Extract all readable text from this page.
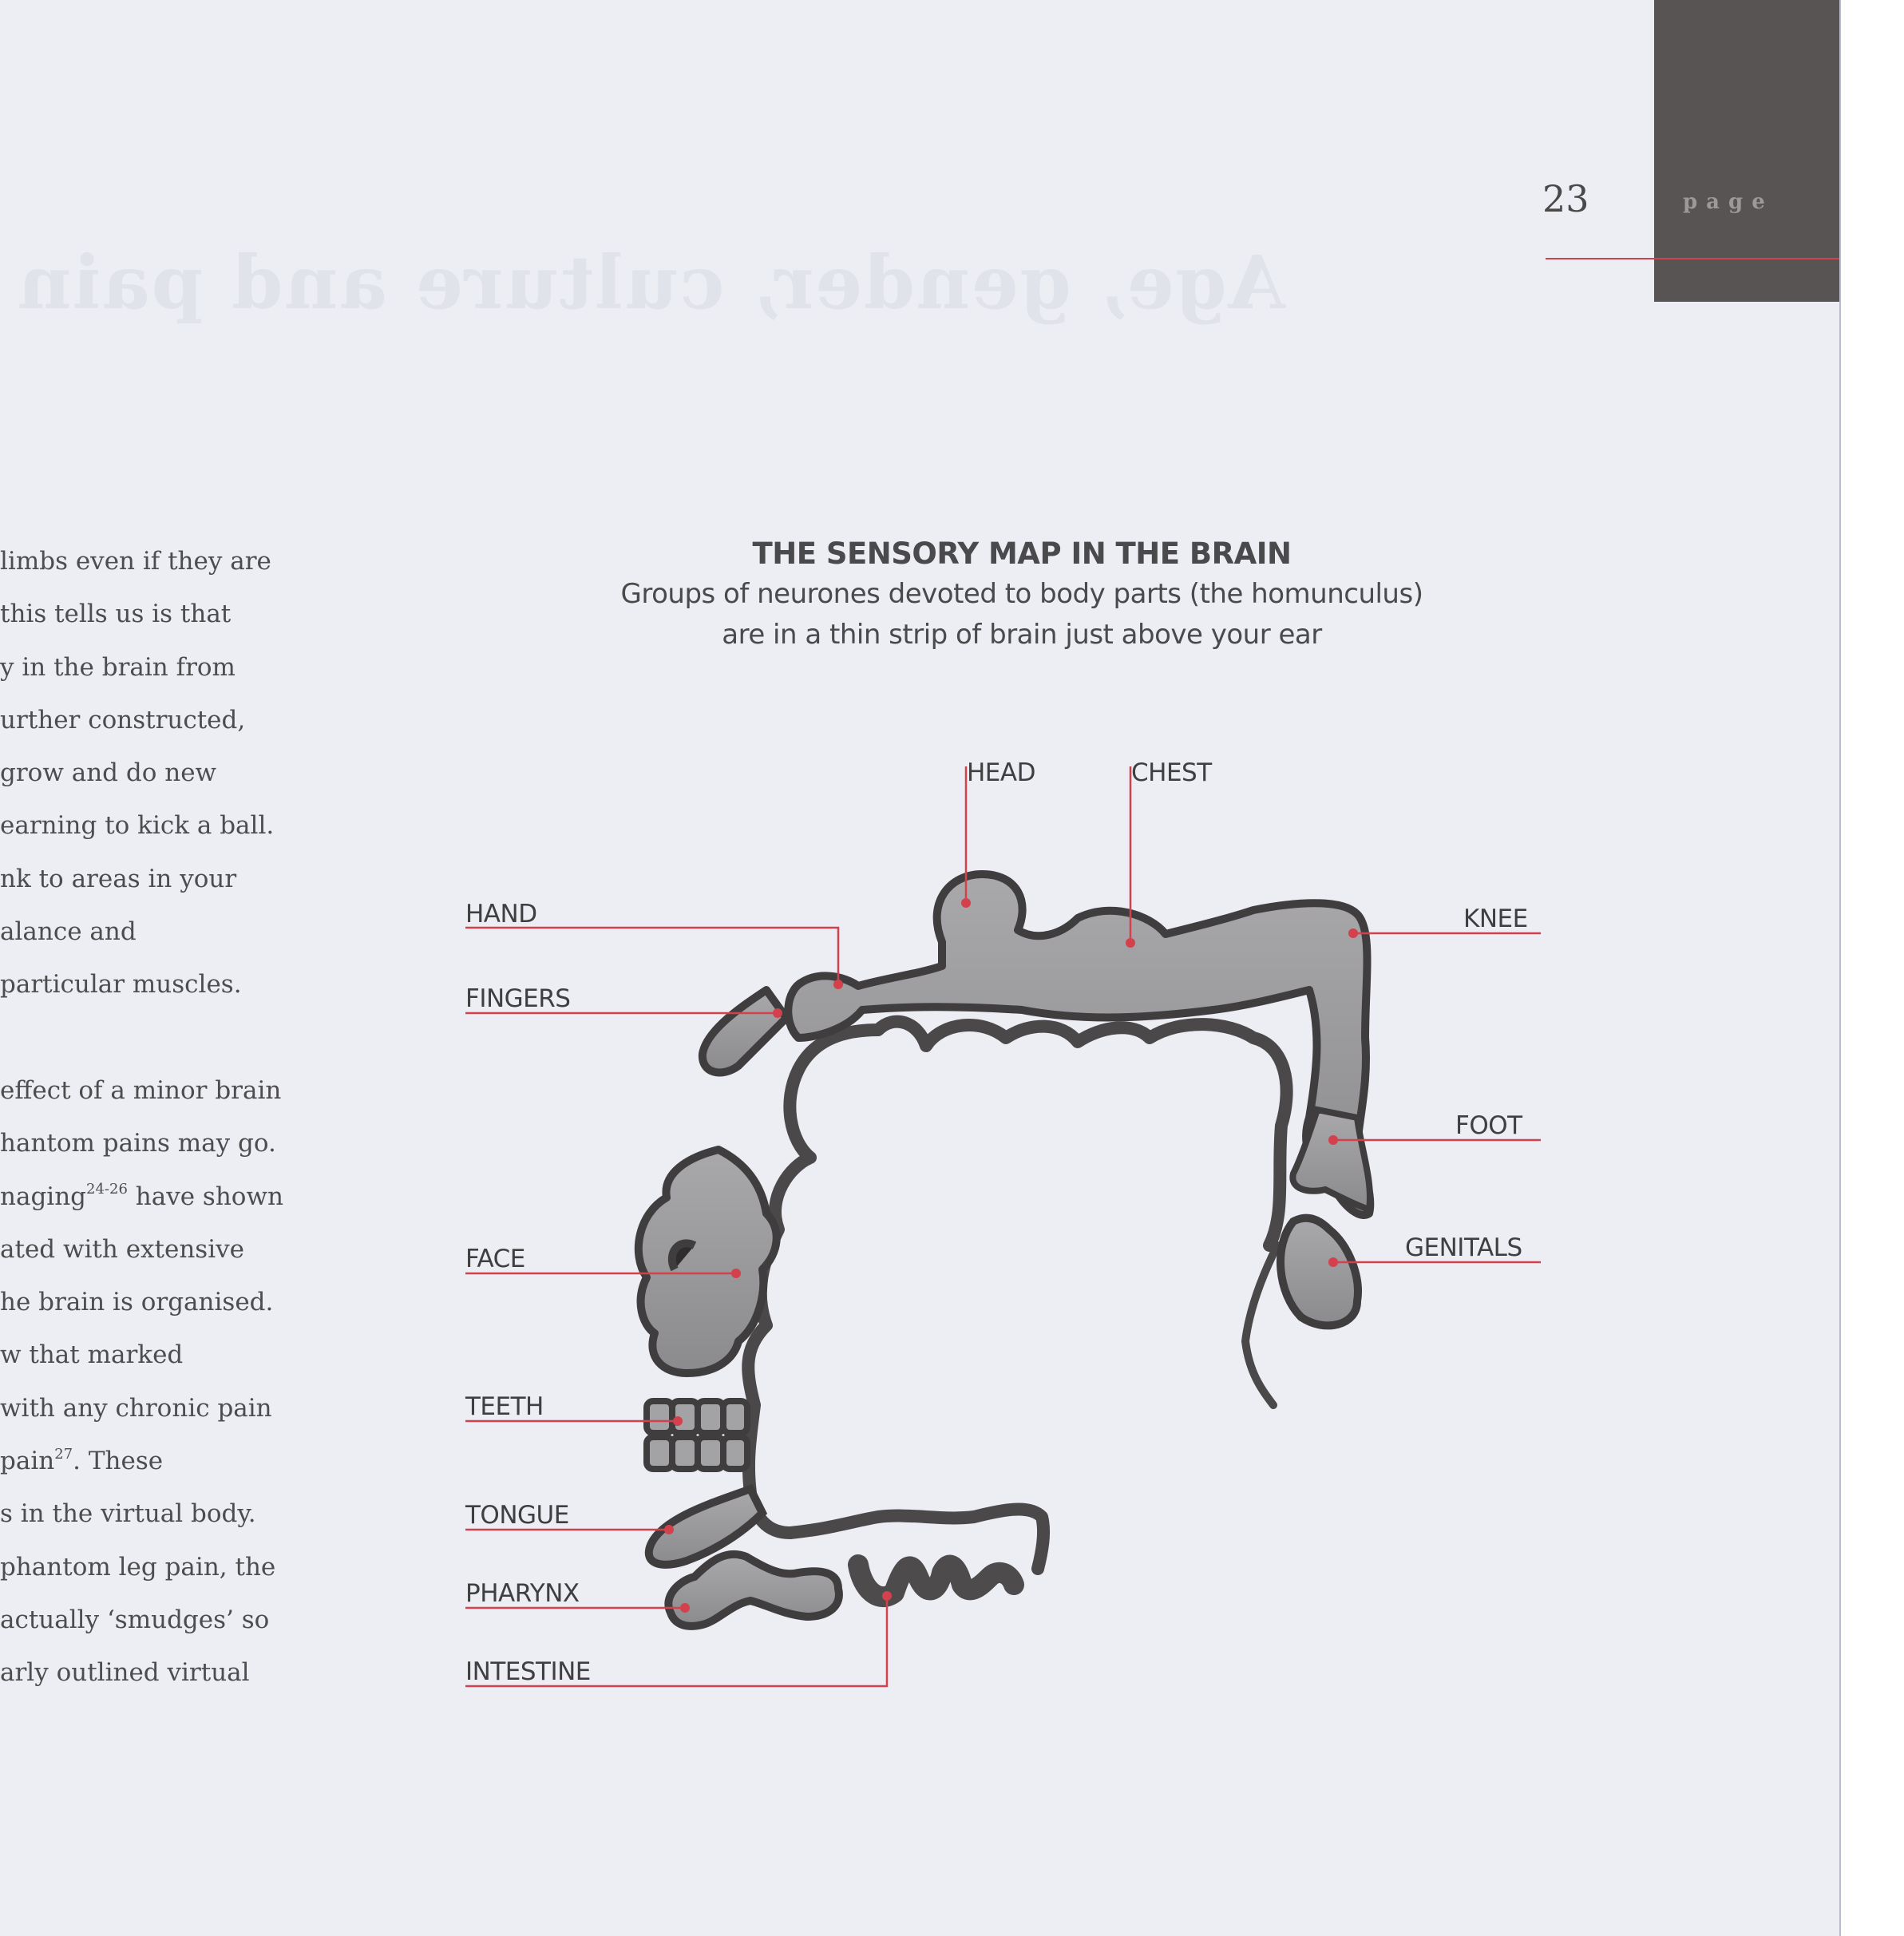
Age, gender, culture and pain
page
23
limbs even if they are
this tells us is that
y in the brain from
urther constructed,
grow and do new
earning to kick a ball.
nk to areas in your
alance and
particular muscles.
effect of a minor brain
hantom pains may go.
naging$^{24-26}$ have shown
ated with extensive
he brain is organised.
w that marked
with any chronic pain
pain$^{27}$. These
s in the virtual body.
phantom leg pain, the
actually ‘smudges’ so
arly outlined virtual
THE SENSORY MAP IN THE BRAIN
Groups of neurones devoted to body parts (the homunculus)
are in a thin strip of brain just above your ear
HEAD	CHEST
HAND
FINGERS
KNEE
FOOT
GENITALS
FACE
TEETH
TONGUE
PHARYNX
INTESTINE
